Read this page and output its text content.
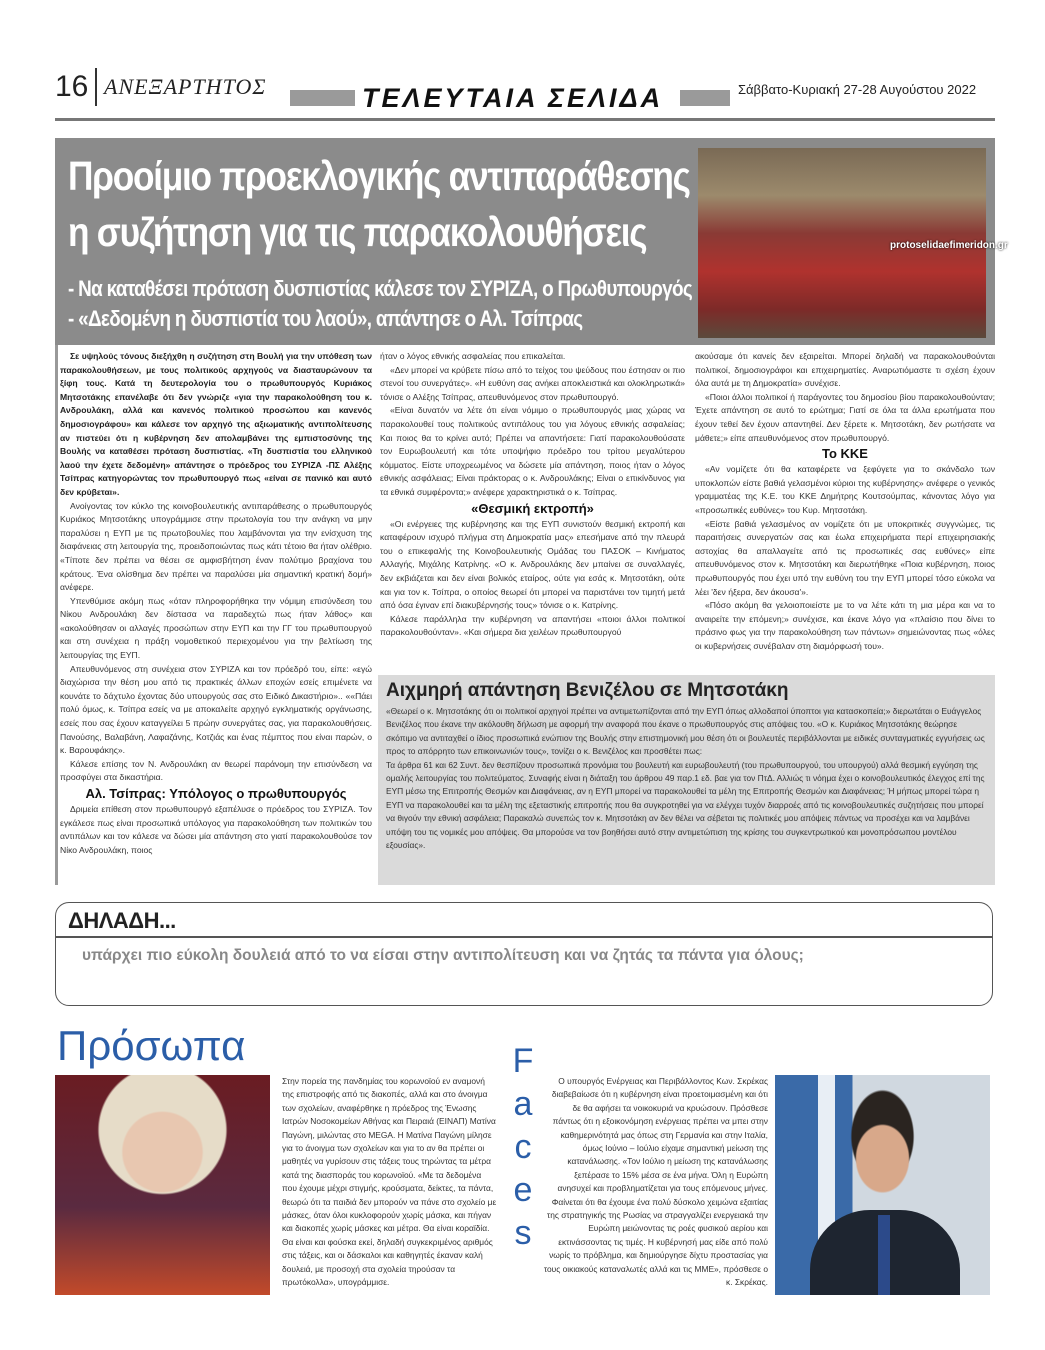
16 ΑΝΕΞΑΡΤΗΤΟΣ	ΤΕΛΕΥΤΑΙΑ ΣΕΛΙΔΑ	Σάββατο-Κυριακή 27-28 Αυγούστου 2022
Προοίμιο προεκλογικής αντιπαράθεσης η συζήτηση για τις παρακολουθήσεις
- Να καταθέσει πρόταση δυσπιστίας κάλεσε τον ΣΥΡΙΖΑ, ο Πρωθυπουργός
- «Δεδομένη η δυσπιστία του λαού», απάντησε ο Αλ. Τσίπρας
protoselidaefimeridon.gr

Σε υψηλούς τόνους διεξήχθη η συζήτηση στη Βουλή για την υπόθεση των παρακολουθήσεων, με τους πολιτικούς αρχηγούς να διασταυρώνουν τα ξίφη τους. Κατά τη δευτερολογία του ο πρωθυπουργός Κυριάκος Μητσοτάκης επανέλαβε ότι δεν γνώριζε «για την παρακολούθηση του κ. Ανδρουλάκη, αλλά και κανενός πολιτικού προσώπου και κανενός δημοσιογράφου» και κάλεσε τον αρχηγό της αξιωματικής αντιπολίτευσης αν πιστεύει ότι η κυβέρνηση δεν απολαμβάνει της εμπιστοσύνης της Βουλής να καταθέσει πρόταση δυσπιστίας. «Τη δυσπιστία του ελληνικού λαού την έχετε δεδομένη» απάντησε ο πρόεδρος του ΣΥΡΙΖΑ -ΠΣ Αλέξης Τσίπρας κατηγορώντας τον πρωθυπουργό πως «είναι σε πανικό και αυτό δεν κρύβεται».

Ανοίγοντας τον κύκλο της κοινοβουλευτικής αντιπαράθεσης ο πρωθυπουργός Κυριάκος Μητσοτάκης υπογράμμισε στην πρωτολογία του την ανάγκη να μην παραλύσει η ΕΥΠ με τις πρωτοβουλίες που λαμβάνονται για την ενίσχυση της διαφάνειας στη λειτουργία της, προειδοποιώντας πως κάτι τέτοιο θα ήταν ολέθριο. «Τίποτε δεν πρέπει να θέσει σε αμφισβήτηση έναν πολύτιμο βραχίονα του κράτους. Ένα ολίσθημα δεν πρέπει να παραλύσει μία σημαντική κρατική δομή» ανέφερε.

Υπενθύμισε ακόμη πως «όταν πληροφορήθηκα την νόμιμη επισύνδεση του Νίκου Ανδρουλάκη δεν δίστασα να παραδεχτώ πως ήταν λάθος» και «ακολούθησαν οι αλλαγές προσώπων στην ΕΥΠ και την ΓΓ του πρωθυπουργού και στη συνέχεια η πράξη νομοθετικού περιεχομένου για την βελτίωση της λειτουργίας της ΕΥΠ.

Απευθυνόμενος στη συνέχεια στον ΣΥΡΙΖΑ και τον πρόεδρό του, είπε: «εγώ διαχώρισα την θέση μου από τις πρακτικές άλλων εποχών εσείς επιμένετε να κουνάτε το δάχτυλο έχοντας δύο υπουργούς σας στο Ειδικό Δικαστήριο».. ««Πάει πολύ όμως, κ. Τσίπρα εσείς να με αποκαλείτε αρχηγό εγκληματικής οργάνωσης, εσείς που σας έχουν καταγγείλει 5 πρώην συνεργάτες σας, για παρακολουθήσεις. Πανούσης, Βαλαβάνη, Λαφαζάνης, Κοτζιάς και ένας πέμπτος που είναι παρών, ο κ. Βαρουφάκης».

Κάλεσε επίσης τον Ν. Ανδρουλάκη αν θεωρεί παράνομη την επισύνδεση να προσφύγει στα δικαστήρια.

Αλ. Τσίπρας: Υπόλογος ο πρωθυπουργός

Δριμεία επίθεση στον πρωθυπουργό εξαπέλυσε ο πρόεδρος του ΣΥΡΙΖΑ. Τον εγκάλεσε πως είναι προσωπικά υπόλογος για παρακολούθηση των πολιτικών του αντιπάλων και τον κάλεσε να δώσει μία απάντηση στο γιατί παρακολουθούσε τον Νίκο Ανδρουλάκη, ποιος

ήταν ο λόγος εθνικής ασφαλείας που επικαλείται.

«Δεν μπορεί να κρύβετε πίσω από το τείχος του ψεύδους που έστησαν οι πιο στενοί του συνεργάτες». «Η ευθύνη σας ανήκει αποκλειστικά και ολοκληρωτικά» τόνισε ο Αλέξης Τσίπρας, απευθυνόμενος στον πρωθυπουργό.

«Είναι δυνατόν να λέτε ότι είναι νόμιμο ο πρωθυπουργός μιας χώρας να παρακολουθεί τους πολιτικούς αντιπάλους του για λόγους εθνικής ασφαλείας; Και ποιος θα το κρίνει αυτό; Πρέπει να απαντήσετε: Γιατί παρακολουθούσατε τον Ευρωβουλευτή και τότε υποψήφιο πρόεδρο του τρίτου μεγαλύτερου κόμματος. Είστε υποχρεωμένος να δώσετε μία απάντηση, ποιος ήταν ο λόγος εθνικής ασφάλειας; Είναι πράκτορας ο κ. Ανδρουλάκης; Είναι ο επικίνδυνος για τα εθνικά συμφέροντα;» ανέφερε χαρακτηριστικά ο κ. Τσίπρας.

«Θεσμική εκτροπή»

«Οι ενέργειες της κυβέρνησης και της ΕΥΠ συνιστούν θεσμική εκτροπή και καταφέρουν ισχυρό πλήγμα στη Δημοκρατία μας» επεσήμανε από την πλευρά του ο επικεφαλής της Κοινοβουλευτικής Ομάδας του ΠΑΣΟΚ – Κινήματος Αλλαγής, Μιχάλης Κατρίνης. «Ο κ. Ανδρουλάκης δεν μπαίνει σε συναλλαγές, δεν εκβιάζεται και δεν είναι βολικός εταίρος, ούτε για εσάς κ. Μητσοτάκη, ούτε και για τον κ. Τσίπρα, ο οποίος θεωρεί ότι μπορεί να παριστάνει τον τιμητή μετά από όσα έγιναν επί διακυβέρνησής τους» τόνισε ο κ. Κατρίνης.

Κάλεσε παράλληλα την κυβέρνηση να απαντήσει «ποιοι άλλοι πολιτικοί παρακολουθούνταν». «Και σήμερα δια χειλέων πρωθυπουργού

ακούσαμε ότι κανείς δεν εξαιρείται. Μπορεί δηλαδή να παρακολουθούνται πολιτικοί, δημοσιογράφοι και επιχειρηματίες. Αναρωτιόμαστε τι σχέση έχουν όλα αυτά με τη Δημοκρατία» συνέχισε.

«Ποιοι άλλοι πολιτικοί ή παράγοντες του δημοσίου βίου παρακολουθούνταν; Έχετε απάντηση σε αυτό το ερώτημα; Γιατί σε όλα τα άλλα ερωτήματα που έχουν τεθεί δεν έχουν απαντηθεί. Δεν ξέρετε κ. Μητσοτάκη, δεν ρωτήσατε να μάθετε;» είπε απευθυνόμενος στον πρωθυπουργό.

Το ΚΚΕ

«Αν νομίζετε ότι θα καταφέρετε να ξεφύγετε για το σκάνδαλο των υποκλοπών είστε βαθιά γελασμένοι κύριοι της κυβέρνησης» ανέφερε ο γενικός γραμματέας της Κ.Ε. του ΚΚΕ Δημήτρης Κουτσούμπας, κάνοντας λόγο για «προσωπικές ευθύνες» του Κυρ. Μητσοτάκη.

«Είστε βαθιά γελασμένος αν νομίζετε ότι με υποκριτικές συγγνώμες, τις παραιτήσεις συνεργατών σας και έωλα επιχειρήματα περί επιχειρησιακής αστοχίας θα απαλλαγείτε από τις προσωπικές σας ευθύνες» είπε απευθυνόμενος στον κ. Μητσοτάκη και διερωτήθηκε «Ποια κυβέρνηση, ποιος πρωθυπουργός που έχει υπό την ευθύνη του την ΕΥΠ μπορεί τόσο εύκολα να λέει 'δεν ήξερα, δεν άκουσα'».

«Πόσο ακόμη θα γελοιοποιείστε με το να λέτε κάτι τη μια μέρα και να το αναιρείτε την επόμενη;» συνέχισε, και έκανε λόγο για «πλαίσιο που δίνει το πράσινο φως για την παρακολούθηση των πάντων» σημειώνοντας πως «όλες οι κυβερνήσεις συνέβαλαν στη διαμόρφωσή του».

Αιχμηρή απάντηση Βενιζέλου σε Μητσοτάκη

«Θεωρεί ο κ. Μητσοτάκης ότι οι πολιτικοί αρχηγοί πρέπει να αντιμετωπίζονται από την ΕΥΠ όπως αλλοδαποί ύποπτοι για κατασκοπεία;» διερωτάται ο Ευάγγελος Βενιζέλος που έκανε την ακόλουθη δήλωση με αφορμή την αναφορά που έκανε ο πρωθυπουργός στις απόψεις του. «Ο κ. Κυριάκος Μητσοτάκης θεώρησε σκόπιμο να αντιταχθεί ο ίδιος προσωπικά ενώπιον της Βουλής στην επιστημονική μου θέση ότι οι βουλευτές περιβάλλονται με ειδικές συνταγματικές εγγυήσεις ως προς το απόρρητο των επικοινωνιών τους», τονίζει ο κ. Βενιζέλος και προσθέτει πως:

Τα άρθρα 61 και 62 Συντ. δεν θεσπίζουν προσωπικά προνόμια του βουλευτή και ευρωβουλευτή (του πρωθυπουργού, του υπουργού) αλλά θεσμική εγγύηση της ομαλής λειτουργίας του πολιτεύματος. Συναφής είναι η διάταξη του άρθρου 49 παρ.1 εδ. βαε για τον ΠτΔ. Αλλιώς τι νόημα έχει ο κοινοβουλευτικός έλεγχος επί της ΕΥΠ μέσω της Επιτροπής Θεσμών και Διαφάνειας, αν η ΕΥΠ μπορεί να παρακολουθεί τα μέλη της Επιτροπής Θεσμών και Διαφάνειας; Ή μήπως μπορεί τώρα η ΕΥΠ να παρακολουθεί και τα μέλη της εξεταστικής επιτροπής που θα συγκροτηθεί για να ελέγχει τυχόν διαρροές από τις κοινοβουλευτικές συζητήσεις που μπορεί να θιγούν την εθνική ασφάλεια; Παρακαλώ συνεπώς τον κ. Μητσοτάκη αν δεν θέλει να σέβεται τις πολιτικές μου απόψεις πάντως να προσέχει και να λαμβάνει υπόψη του τις νομικές μου απόψεις. Θα μπορούσε να τον βοηθήσει αυτό στην αντιμετώπιση της κρίσης του συγκεντρωτικού και μονοπρόσωπου μοντέλου εξουσίας».

ΔΗΛΑΔΗ...
υπάρχει πιο εύκολη δουλειά από το να είσαι στην αντιπολίτευση και να ζητάς τα πάντα για όλους;
Πρόσωπα
Στην πορεία της πανδημίας του κορωνοϊού εν αναμονή της επιστροφής από τις διακοπές, αλλά και στο άνοιγμα των σχολείων, αναφέρθηκε η πρόεδρος της Ένωσης Ιατρών Νοσοκομείων Αθήνας και Πειραιά (ΕΙΝΑΠ) Ματίνα Παγώνη, μιλώντας στο MEGA. Η Ματίνα Παγώνη μίλησε για το άνοιγμα των σχολείων και για το αν θα πρέπει οι μαθητές να γυρίσουν στις τάξεις τους τηρώντας τα μέτρα κατά της διασποράς του κορωνοϊού. «Με τα δεδομένα που έχουμε μέχρι στιγμής, κρούσματα, δείκτες, τα πάντα, θεωρώ ότι τα παιδιά δεν μπορούν να πάνε στο σχολείο με μάσκες, όταν όλοι κυκλοφορούν χωρίς μάσκα, και πήγαν και διακοπές χωρίς μάσκες και μέτρα. Θα είναι κοραϊδία. Θα είναι και φούσκα εκεί, δηλαδή συγκεκριμένος αριθμός στις τάξεις, και οι δάσκαλοι και καθηγητές έκαναν καλή δουλειά, με προσοχή στα σχολεία τηρούσαν τα πρωτόκολλα», υπογράμμισε.
F
a
c
e
s
Ο υπουργός Ενέργειας και Περιβάλλοντος Κων. Σκρέκας διαβεβαίωσε ότι η κυβέρνηση είναι προετοιμασμένη και ότι δε θα αφήσει τα νοικοκυριά να κρυώσουν. Πρόσθεσε πάντως ότι η εξοικονόμηση ενέργειας πρέπει να μπει στην καθημερινότητά μας όπως στη Γερμανία και στην Ιταλία, όμως Ιούνιο – Ιούλιο είχαμε σημαντική μείωση της κατανάλωσης. «Τον Ιούλιο η μείωση της κατανάλωσης ξεπέρασε το 15% μέσα σε ένα μήνα. Όλη η Ευρώπη ανησυχεί και προβληματίζεται για τους επόμενους μήνες. Φαίνεται ότι θα έχουμε ένα πολύ δύσκολο χειμώνα εξαιτίας της στρατηγικής της Ρωσίας να στραγγαλίζει ενεργειακά την Ευρώπη μειώνοντας τις ροές φυσικού αερίου και εκτινάσσοντας τις τιμές. Η κυβέρνησή μας είδε από πολύ νωρίς το πρόβλημα, και δημιούργησε δίχτυ προστασίας για τους οικιακούς καταναλωτές αλλά και τις ΜΜΕ», πρόσθεσε ο κ. Σκρέκας.
